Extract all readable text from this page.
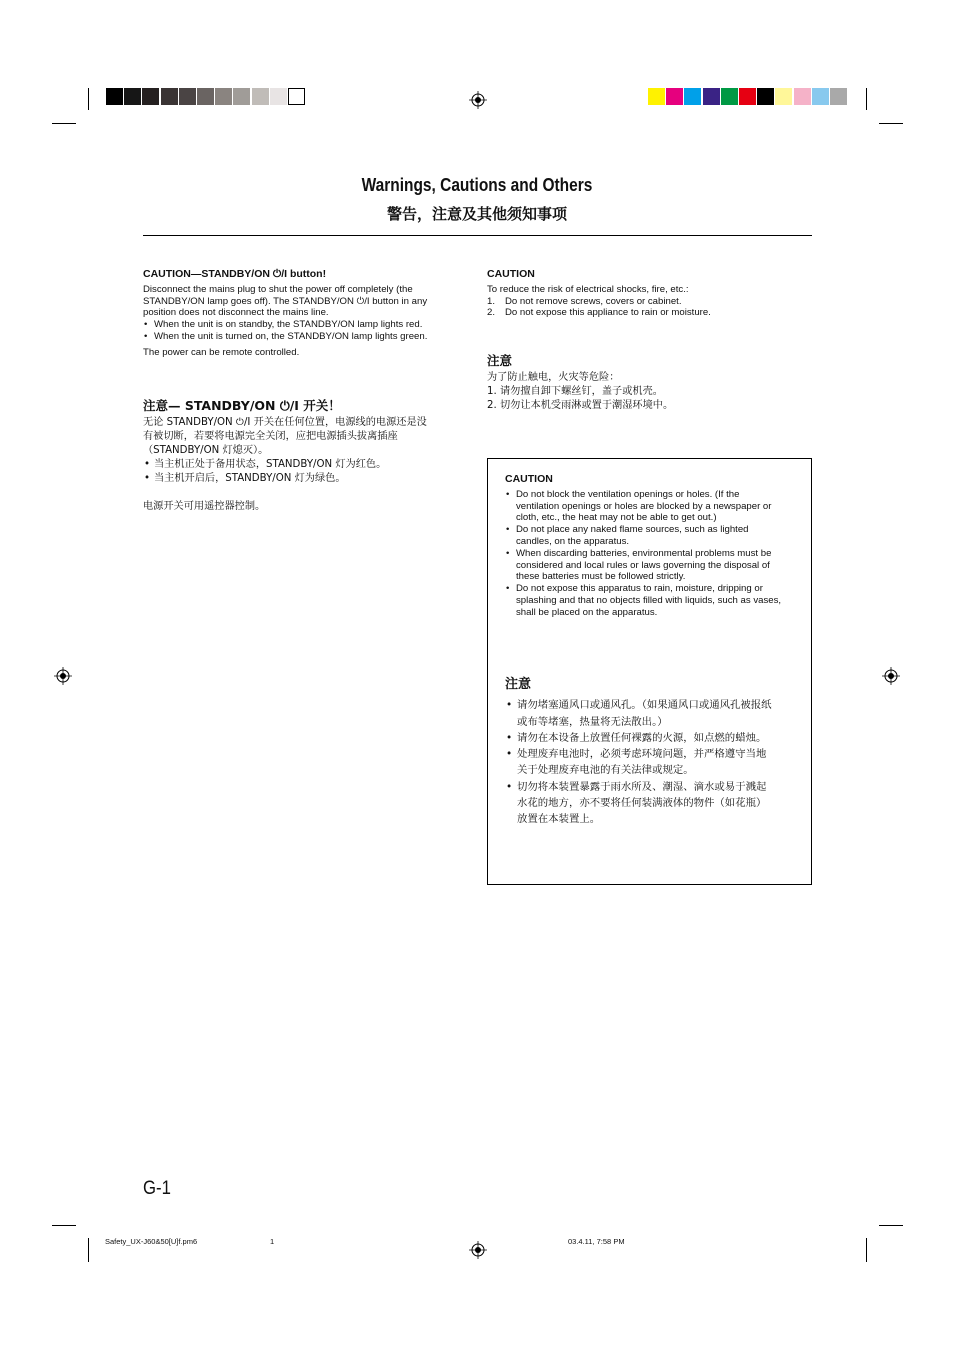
Warnings, Cautions and Others
警告，注意及其他须知事项
CAUTION—STANDBY/ON ⏻/I button!

Disconnect the mains plug to shut the power off completely (the STANDBY/ON lamp goes off). The STANDBY/ON ⏻/I button in any position does not disconnect the mains line.

• When the unit is on standby, the STANDBY/ON lamp lights red.
• When the unit is turned on, the STANDBY/ON lamp lights green.

The power can be remote controlled.

注意— STANDBY/ON ⏻/I 开关！

无论 STANDBY/ON ⏻/I 开关在任何位置，电源线的电源还是没有被切断，若要将电源完全关闭，应把电源插头拔离插座（STANDBY/ON 灯熄灭）。

• 当主机正处于备用状态，STANDBY/ON 灯为红色。
• 当主机开启后，STANDBY/ON 灯为绿色。

电源开关可用遥控器控制。

CAUTION

To reduce the risk of electrical shocks, fire, etc.:

1. Do not remove screws, covers or cabinet.
2. Do not expose this appliance to rain or moisture.
注意

为了防止触电，火灾等危险：

1. 请勿擅自卸下螺丝钉，盖子或机壳。
2. 切勿让本机受雨淋或置于潮湿环境中。
CAUTION
• Do not block the ventilation openings or holes. (If the ventilation openings or holes are blocked by a newspaper or cloth, etc., the heat may not be able to get out.)
• Do not place any naked flame sources, such as lighted candles, on the apparatus.
• When discarding batteries, environmental problems must be considered and local rules or laws governing the disposal of these batteries must be followed strictly.
• Do not expose this apparatus to rain, moisture, dripping or splashing and that no objects filled with liquids, such as vases, shall be placed on the apparatus.
注意
• 请勿堵塞通风口或通风孔。（如果通风口或通风孔被报纸或布等堵塞，热量将无法散出。）
• 请勿在本设备上放置任何裸露的火源，如点燃的蜡烛。
• 处理废弃电池时，必须考虑环境问题，并严格遵守当地关于处理废弃电池的有关法律或规定。
• 切勿将本装置暴露于雨水所及、潮湿、滴水或易于溅起水花的地方，亦不要将任何装满液体的物件（如花瓶）放置在本装置上。
G-1
Safety_UX-J60&50[U]f.pm6	1	03.4.11, 7:58 PM
